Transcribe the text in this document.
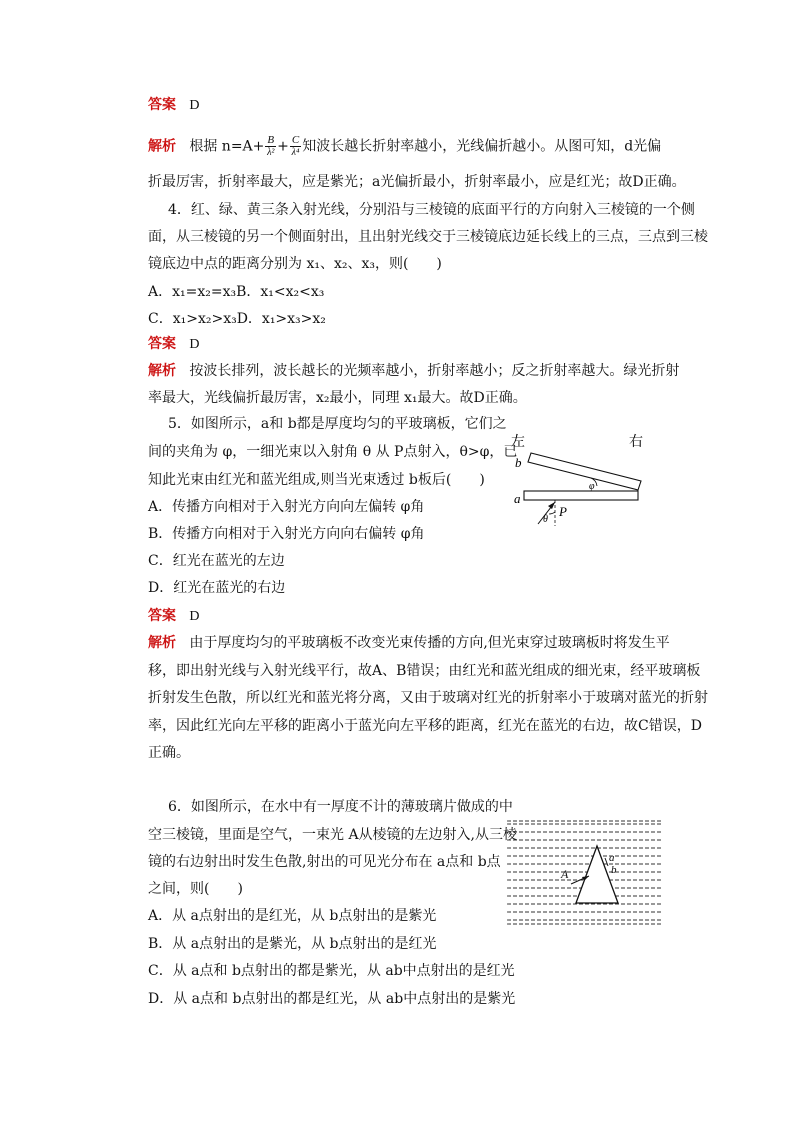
答案 D
解析 根据 $n=A+ \frac{B}{\text{λ²}} + \frac{C}{\text{λ⁴}}$ 知波长越长折射率越小，光线偏折越小。从图可知，d光偏
折最厉害，折射率最大，应是紫光；a光偏折最小，折射率最小，应是红光；故D正确。
4．红、绿、黄三条入射光线，分别沿与三棱镜的底面平行的方向射入三棱镜的一个侧
面，从三棱镜的另一个侧面射出，且出射光线交于三棱镜底边延长线上的三点，三点到三棱
镜底边中点的距离分别为 x₁、x₂、x₃，则(　　)
A．x₁=x₂=x₃B．x₁<x₂<x₃
C．x₁>x₂>x₃D．x₁>x₃>x₂
答案 D
解析 按波长排列，波长越长的光频率越小，折射率越小；反之折射率越大。绿光折射
率最大，光线偏折最厉害，x₂最小，同理 x₁最大。故D正确。
5．如图所示，a和 b都是厚度均匀的平玻璃板，它们之
间的夹角为 φ，一细光束以入射角 θ 从 P点射入，θ>φ，已
知此光束由红光和蓝光组成,则当光束透过 b板后(　　)
A．传播方向相对于入射光方向向左偏转 φ角
B．传播方向相对于入射光方向向右偏转 φ角
C．红光在蓝光的左边
D．红光在蓝光的右边
左	右
b
a
φ
θ
P
答案 D
解析 由于厚度均匀的平玻璃板不改变光束传播的方向,但光束穿过玻璃板时将发生平
移，即出射光线与入射光线平行，故A、B错误；由红光和蓝光组成的细光束，经平玻璃板
折射发生色散，所以红光和蓝光将分离，又由于玻璃对红光的折射率小于玻璃对蓝光的折射
率，因此红光向左平移的距离小于蓝光向左平移的距离，红光在蓝光的右边，故C错误，D
正确。
6．如图所示，在水中有一厚度不计的薄玻璃片做成的中
空三棱镜，里面是空气，一束光 A从棱镜的左边射入,从三棱
镜的右边射出时发生色散,射出的可见光分布在 a点和 b点
之间，则(　　)
A．从 a点射出的是红光，从 b点射出的是紫光
B．从 a点射出的是紫光，从 b点射出的是红光
C．从 a点和 b点射出的都是紫光，从 ab中点射出的是红光
D．从 a点和 b点射出的都是红光，从 ab中点射出的是紫光
A
a
b
